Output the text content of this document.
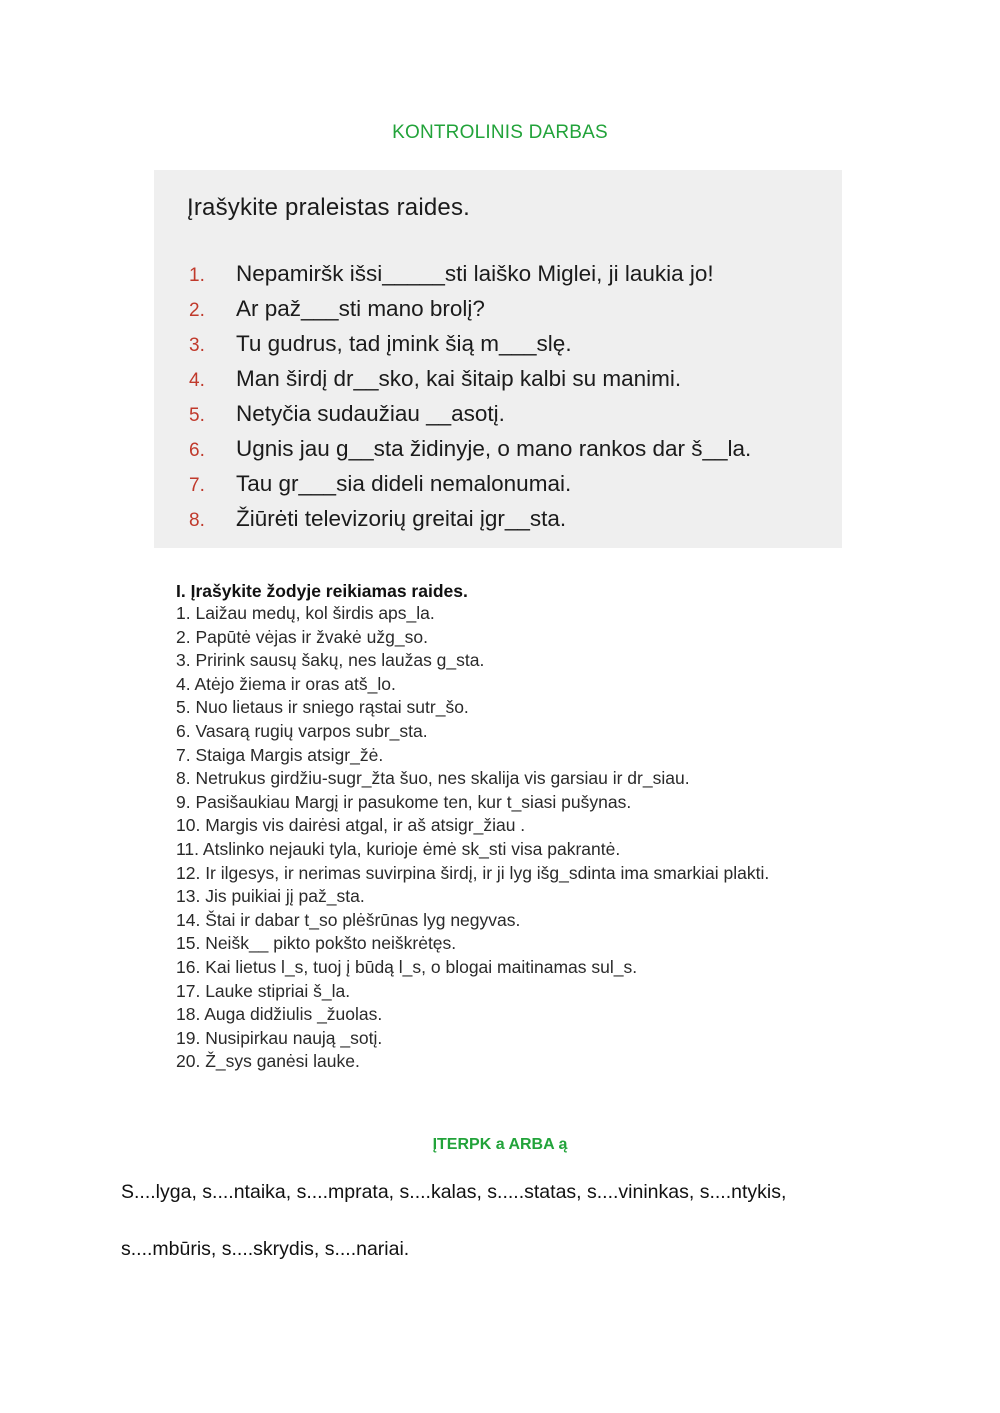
KONTROLINIS DARBAS
Įrašykite praleistas raides.
1. Nepamiršk išsi_____sti laiško Miglei, ji laukia jo!
2. Ar paž___sti mano brolį?
3. Tu gudrus, tad įmink šią m___slę.
4. Man širdį dr__sko, kai šitaip kalbi su manimi.
5. Netyčia sudaužiau __asotį.
6. Ugnis jau g__sta židinyje, o mano rankos dar š__la.
7. Tau gr___sia dideli nemalonumai.
8. Žiūrėti televizorių greitai įgr__sta.
I. Įrašykite žodyje reikiamas raides.
1. Laižau medų, kol širdis aps_la.
2. Papūtė vėjas ir žvakė užg_so.
3. Prirink sausų šakų, nes laužas g_sta.
4. Atėjo žiema ir oras atš_lo.
5. Nuo lietaus ir sniego rąstai sutr_šo.
6. Vasarą rugių varpos subr_sta.
7. Staiga Margis atsigr_žė.
8. Netrukus girdžiu-sugr_žta šuo, nes skalija vis garsiau ir dr_siau.
9. Pasišaukiau Margį ir pasukome ten, kur t_siasi pušynas.
10. Margis vis dairėsi atgal, ir aš atsigr_žiau .
11. Atslinko nejauki tyla, kurioje ėmė sk_sti visa pakrantė.
12. Ir ilgesys, ir nerimas suvirpina širdį, ir ji lyg išg_sdinta ima smarkiai plakti.
13. Jis puikiai jį paž_sta.
14. Štai ir dabar t_so plėšrūnas lyg negyvas.
15. Neišk__ pikto pokšto neiškrėtęs.
16. Kai lietus l_s, tuoj į būdą l_s, o blogai maitinamas sul_s.
17. Lauke stipriai š_la.
18. Auga didžiulis _žuolas.
19. Nusipirkau naują _sotį.
20. Ž_sys ganėsi lauke.
ĮTERPK a ARBA ą
S....lyga, s....ntaika, s....mprata, s....kalas, s.....statas, s....vininkas, s....ntykis,
s....mbūris, s....skrydis, s....nariai.
